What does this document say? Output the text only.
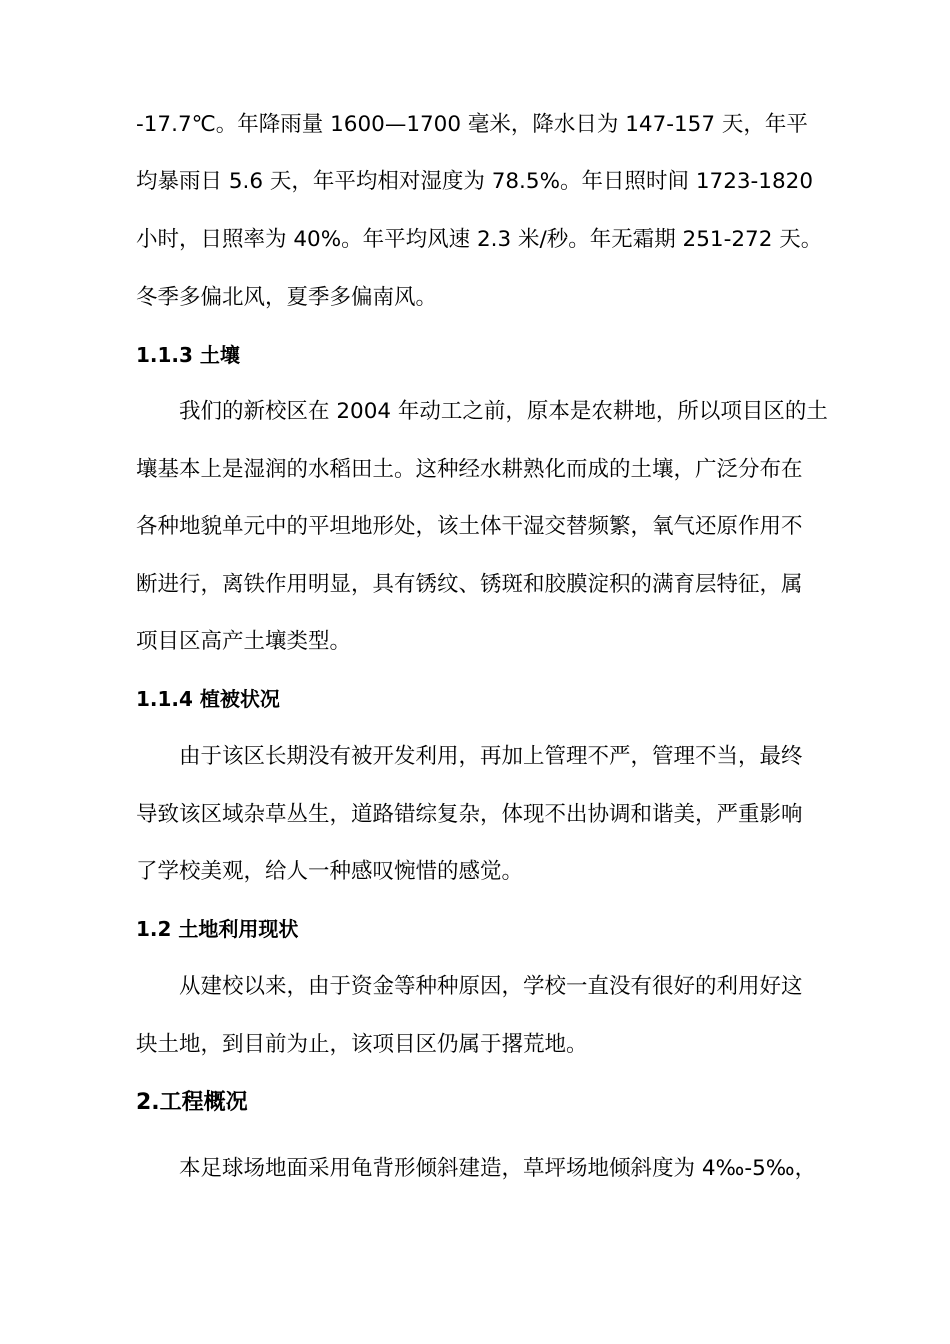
-17.7℃。年降雨量 1600—1700 毫米，降水日为 147-157 天，年平
均暴雨日 5.6 天，年平均相对湿度为 78.5%。年日照时间 1723-1820
小时，日照率为 40%。年平均风速 2.3 米/秒。年无霜期 251-272 天。
冬季多偏北风，夏季多偏南风。
1.1.3 土壤
我们的新校区在 2004 年动工之前，原本是农耕地，所以项目区的土
壤基本上是湿润的水稻田土。这种经水耕熟化而成的土壤，广泛分布在
各种地貌单元中的平坦地形处，该土体干湿交替频繁，氧气还原作用不
断进行，离铁作用明显，具有锈纹、锈斑和胶膜淀积的满育层特征，属
项目区高产土壤类型。
1.1.4 植被状况
由于该区长期没有被开发利用，再加上管理不严，管理不当，最终
导致该区域杂草丛生，道路错综复杂，体现不出协调和谐美，严重影响
了学校美观，给人一种感叹惋惜的感觉。
1.2 土地利用现状
从建校以来，由于资金等种种原因，学校一直没有很好的利用好这
块土地，到目前为止，该项目区仍属于撂荒地。
2.工程概况
本足球场地面采用龟背形倾斜建造，草坪场地倾斜度为 4‰-5‰，
